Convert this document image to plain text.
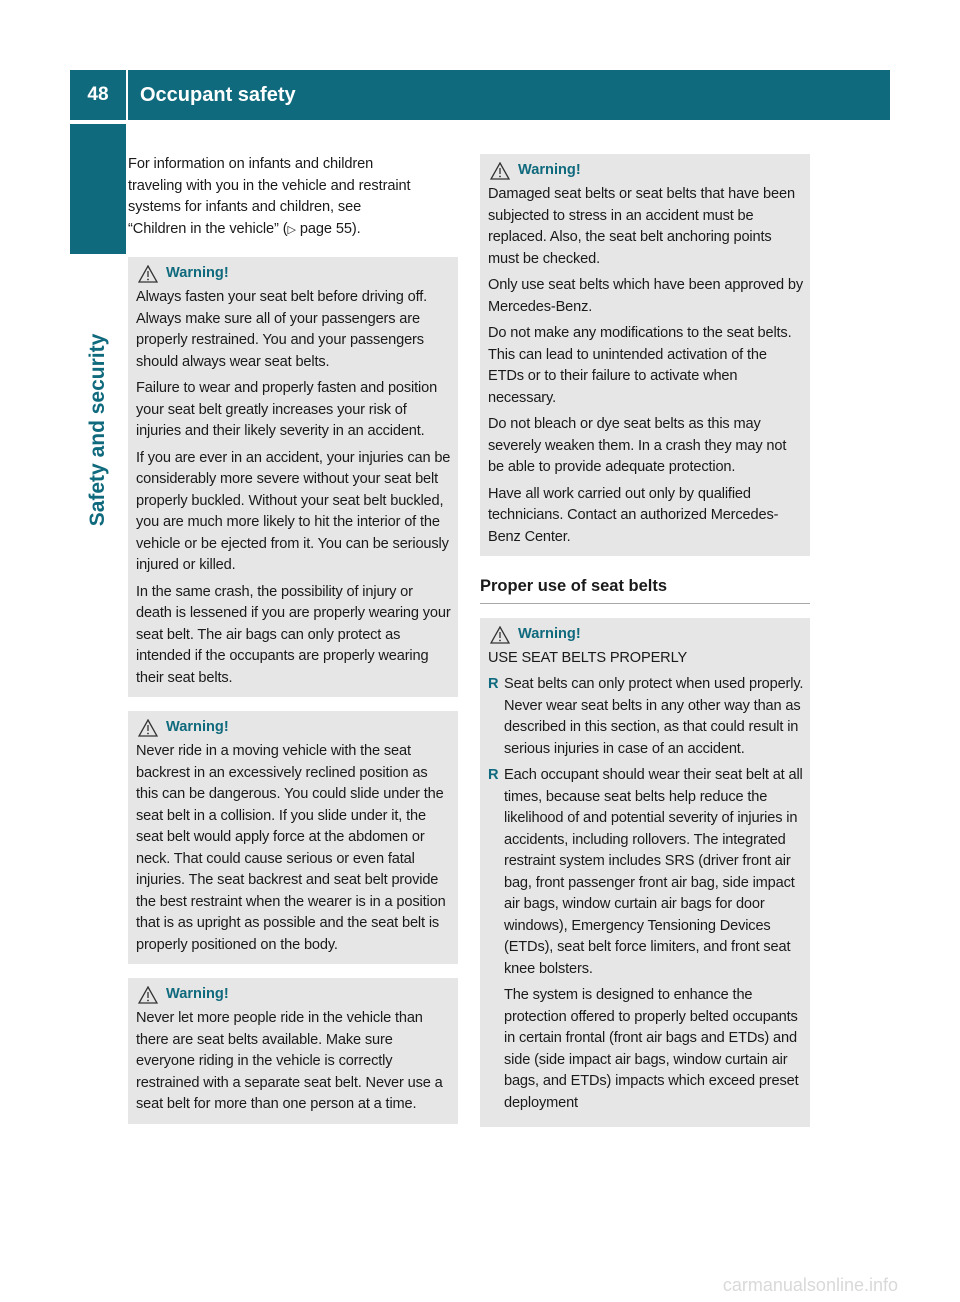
48	Occupant safety
Safety and security
For information on infants and children
traveling with you in the vehicle and restraint
systems for infants and children, see
“Children in the vehicle” (▷ page 55).
Warning!

Always fasten your seat belt before driving off. Always make sure all of your passengers are properly restrained. You and your passengers should always wear seat belts.

Failure to wear and properly fasten and position your seat belt greatly increases your risk of injuries and their likely severity in an accident.

If you are ever in an accident, your injuries can be considerably more severe without your seat belt properly buckled. Without your seat belt buckled, you are much more likely to hit the interior of the vehicle or be ejected from it. You can be seriously injured or killed.

In the same crash, the possibility of injury or death is lessened if you are properly wearing your seat belt. The air bags can only protect as intended if the occupants are properly wearing their seat belts.

Warning!

Never ride in a moving vehicle with the seat backrest in an excessively reclined position as this can be dangerous. You could slide under the seat belt in a collision. If you slide under it, the seat belt would apply force at the abdomen or neck. That could cause serious or even fatal injuries. The seat backrest and seat belt provide the best restraint when the wearer is in a position that is as upright as possible and the seat belt is properly positioned on the body.

Warning!

Never let more people ride in the vehicle than there are seat belts available. Make sure everyone riding in the vehicle is correctly restrained with a separate seat belt. Never use a seat belt for more than one person at a time.

Warning!

Damaged seat belts or seat belts that have been subjected to stress in an accident must be replaced. Also, the seat belt anchoring points must be checked.

Only use seat belts which have been approved by Mercedes-Benz.

Do not make any modifications to the seat belts. This can lead to unintended activation of the ETDs or to their failure to activate when necessary.

Do not bleach or dye seat belts as this may severely weaken them. In a crash they may not be able to provide adequate protection.

Have all work carried out only by qualified technicians. Contact an authorized Mercedes-Benz Center.

Proper use of seat belts
Warning!

USE SEAT BELTS PROPERLY

R Seat belts can only protect when used properly. Never wear seat belts in any other way than as described in this section, as that could result in serious injuries in case of an accident.

R Each occupant should wear their seat belt at all times, because seat belts help reduce the likelihood of and potential severity of injuries in accidents, including rollovers. The integrated restraint system includes SRS (driver front air bag, front passenger front air bag, side impact air bags, window curtain air bags for door windows), Emergency Tensioning Devices (ETDs), seat belt force limiters, and front seat knee bolsters.

The system is designed to enhance the protection offered to properly belted occupants in certain frontal (front air bags and ETDs) and side (side impact air bags, window curtain air bags, and ETDs) impacts which exceed preset deployment

carmanualsonline.info
